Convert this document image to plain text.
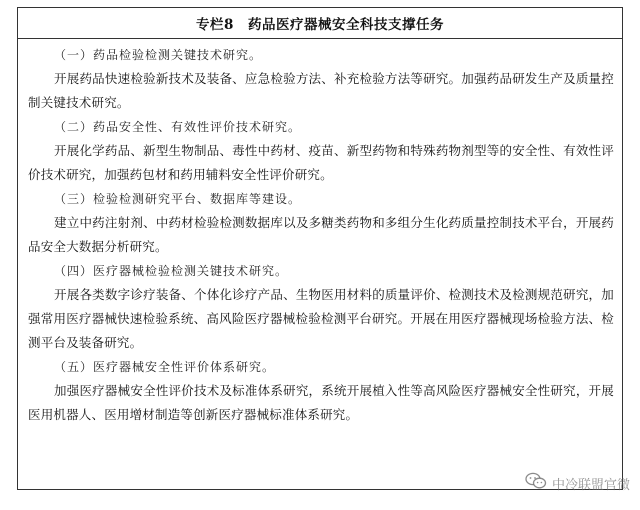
专栏8 药品医疗器械安全科技支撑任务

（一）药品检验检测关键技术研究。

开展药品快速检验新技术及装备、应急检验方法、补充检验方法等研究。加强药品研发生产及质量控制关键技术研究。

（二）药品安全性、有效性评价技术研究。

开展化学药品、新型生物制品、毒性中药材、疫苗、新型药物和特殊药物剂型等的安全性、有效性评价技术研究，加强药包材和药用辅料安全性评价研究。

（三）检验检测研究平台、数据库等建设。

建立中药注射剂、中药材检验检测数据库以及多糖类药物和多组分生化药质量控制技术平台，开展药品安全大数据分析研究。

（四）医疗器械检验检测关键技术研究。

开展各类数字诊疗装备、个体化诊疗产品、生物医用材料的质量评价、检测技术及检测规范研究，加强常用医疗器械快速检验系统、高风险医疗器械检验检测平台研究。开展在用医疗器械现场检验方法、检测平台及装备研究。

（五）医疗器械安全性评价体系研究。

加强医疗器械安全性评价技术及标准体系研究，系统开展植入性等高风险医疗器械安全性研究，开展医用机器人、医用增材制造等创新医疗器械标准体系研究。

中冷联盟官微
